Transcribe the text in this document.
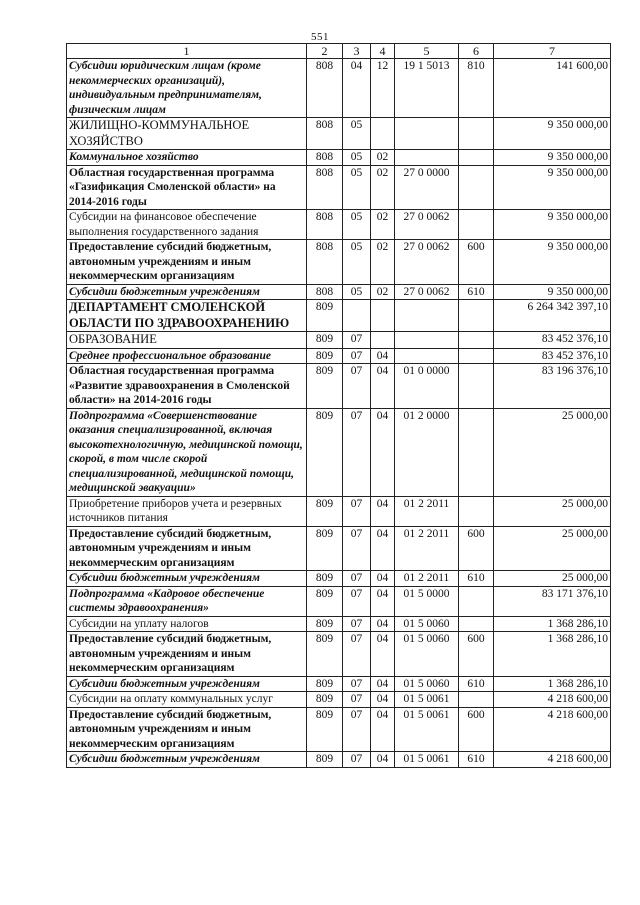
551
1	2	3	4	5	6	7
Субсидии юридическим лицам (кроме некоммерческих организаций), индивидуальным предпринимателям, физическим лицам	808	04	12	19 1 5013	810	141 600,00
ЖИЛИЩНО-КОММУНАЛЬНОЕ ХОЗЯЙСТВО	808	05				9 350 000,00
Коммунальное хозяйство	808	05	02			9 350 000,00
Областная государственная программа «Газификация Смоленской области» на 2014-2016 годы	808	05	02	27 0 0000		9 350 000,00
Субсидии на финансовое обеспечение выполнения государственного задания	808	05	02	27 0 0062		9 350 000,00
Предоставление субсидий бюджетным, автономным учреждениям и иным некоммерческим организациям	808	05	02	27 0 0062	600	9 350 000,00
Субсидии бюджетным учреждениям	808	05	02	27 0 0062	610	9 350 000,00
ДЕПАРТАМЕНТ СМОЛЕНСКОЙ ОБЛАСТИ ПО ЗДРАВООХРАНЕНИЮ	809					6 264 342 397,10
ОБРАЗОВАНИЕ	809	07				83 452 376,10
Среднее профессиональное образование	809	07	04			83 452 376,10
Областная государственная программа «Развитие здравоохранения в Смоленской области» на 2014-2016 годы	809	07	04	01 0 0000		83 196 376,10
Подпрограмма «Совершенствование оказания специализированной, включая высокотехнологичную, медицинской помощи, скорой, в том числе скорой специализированной, медицинской помощи, медицинской эвакуации»	809	07	04	01 2 0000		25 000,00
Приобретение приборов учета и резервных источников питания	809	07	04	01 2 2011		25 000,00
Предоставление субсидий бюджетным, автономным учреждениям и иным некоммерческим организациям	809	07	04	01 2 2011	600	25 000,00
Субсидии бюджетным учреждениям	809	07	04	01 2 2011	610	25 000,00
Подпрограмма «Кадровое обеспечение системы здравоохранения»	809	07	04	01 5 0000		83 171 376,10
Субсидии на уплату налогов	809	07	04	01 5 0060		1 368 286,10
Предоставление субсидий бюджетным, автономным учреждениям и иным некоммерческим организациям	809	07	04	01 5 0060	600	1 368 286,10
Субсидии бюджетным учреждениям	809	07	04	01 5 0060	610	1 368 286,10
Субсидии на оплату коммунальных услуг	809	07	04	01 5 0061		4 218 600,00
Предоставление субсидий бюджетным, автономным учреждениям и иным некоммерческим организациям	809	07	04	01 5 0061	600	4 218 600,00
Субсидии бюджетным учреждениям	809	07	04	01 5 0061	610	4 218 600,00
